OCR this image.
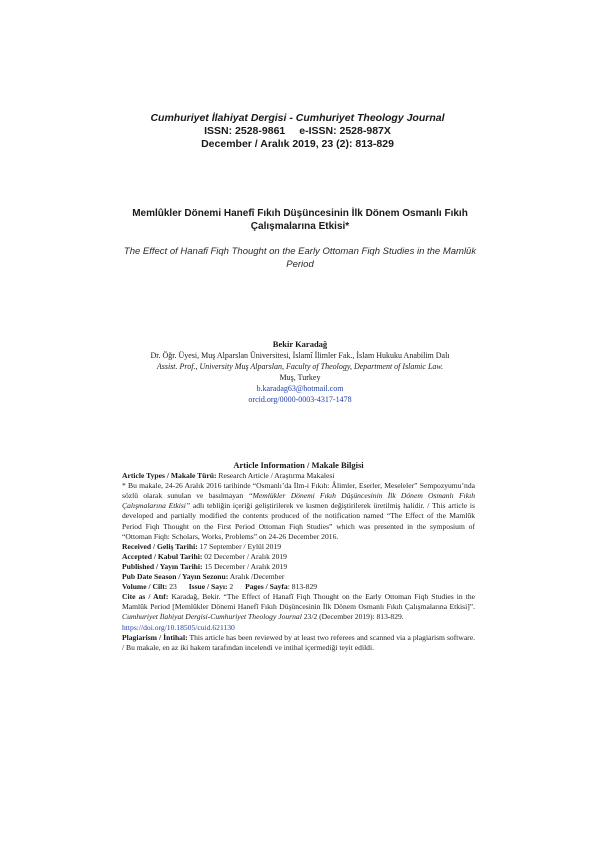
Cumhuriyet İlahiyat Dergisi - Cumhuriyet Theology Journal
ISSN: 2528-9861 e-ISSN: 2528-987X
December / Aralık 2019, 23 (2): 813-829
Memlûkler Dönemi Hanefî Fıkıh Düşüncesinin İlk Dönem Osmanlı Fıkıh Çalışmalarına Etkisi*
The Effect of Hanafī Fiqh Thought on the Early Ottoman Fiqh Studies in the Mamlūk Period
Bekir Karadağ
Dr. Öğr. Üyesi, Muş Alparslan Üniversitesi, İslamî İlimler Fak., İslam Hukuku Anabilim Dalı
Assist. Prof., University Muş Alparslan, Faculty of Theology, Department of Islamic Law.
Muş, Turkey
b.karadag63@hotmail.com
orcid.org/0000-0003-4317-1478
Article Information / Makale Bilgisi
Article Types / Makale Türü: Research Article / Araştırma Makalesi
* Bu makale, 24-26 Aralık 2016 tarihinde “Osmanlı’da İlm-i Fıkıh: Âlimler, Eserler, Meseleler” Sempozyumu’nda sözlü olarak sunulan ve basılmayan “Memlükler Dönemi Fıkıh Düşüncesinin İlk Dönem Osmanlı Fıkıh Çalışmalarına Etkisi” adlı tebliğin içeriği geliştirilerek ve kısmen değiştirilerek üretilmiş halidir. / This article is developed and partially modified the contents produced of the notification named “The Effect of the Mamlūk Period Fiqh Thought on the First Period Ottoman Fiqh Studies” which was presented in the symposium of “Ottoman Fiqh: Scholars, Works, Problems” on 24-26 December 2016.
Received / Geliş Tarihi: 17 September / Eylül 2019
Accepted / Kabul Tarihi: 02 December / Aralık 2019
Published / Yayın Tarihi: 15 December / Aralık 2019
Pub Date Season / Yayın Sezonu: Aralık /December
Volume / Cilt: 23 Issue / Sayı: 2 Pages / Sayfa: 813-829
Cite as / Atıf: Karadağ, Bekir. “The Effect of Hanafī Fiqh Thought on the Early Ottoman Fiqh Studies in the Mamlūk Period [Memlûkler Dönemi Hanefî Fıkıh Düşüncesinin İlk Dönem Osmanlı Fıkıh Çalışmalarına Etkisi]”. Cumhuriyet İlahiyat Dergisi-Cumhuriyet Theology Journal 23/2 (December 2019): 813-829.
https://doi.org/10.18505/cuid.621130
Plagiarism / İntihal: This article has been reviewed by at least two referees and scanned via a plagiarism software. / Bu makale, en az iki hakem tarafından incelendi ve intihal içermediği teyit edildi.
